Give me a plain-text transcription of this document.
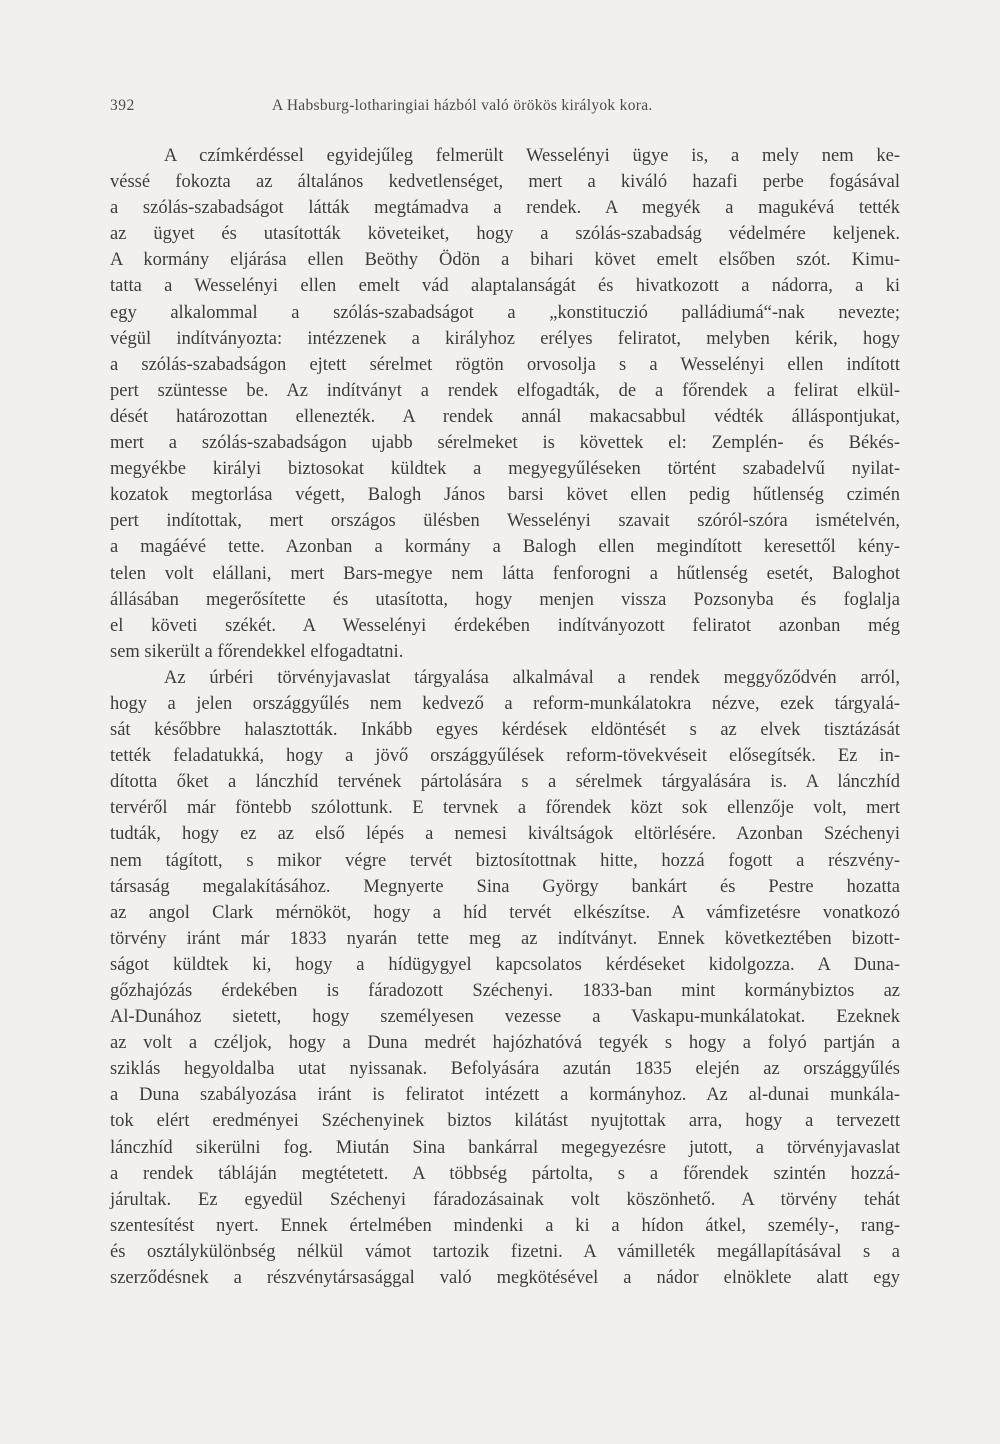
392	A Habsburg-lotharingiai házból való örökös királyok kora.
A czímkérdéssel egyidejűleg felmerült Wesselényi ügye is, a mely nem ke-
véssé fokozta az általános kedvetlenséget, mert a kiváló hazafi perbe fogásával
a szólás-szabadságot látták megtámadva a rendek. A megyék a magukévá tették
az ügyet és utasították követeiket, hogy a szólás-szabadság védelmére keljenek.
A kormány eljárása ellen Beöthy Ödön a bihari követ emelt elsőben szót. Kimu-
tatta a Wesselényi ellen emelt vád alaptalanságát és hivatkozott a nádorra, a ki
egy alkalommal a szólás-szabadságot a „konstituczió palládiumá“-nak nevezte;
végül indítványozta: intézzenek a királyhoz erélyes feliratot, melyben kérik, hogy
a szólás-szabadságon ejtett sérelmet rögtön orvosolja s a Wesselényi ellen indított
pert szüntesse be. Az indítványt a rendek elfogadták, de a főrendek a felirat elkül-
dését határozottan ellenezték. A rendek annál makacsabbul védték álláspontjukat,
mert a szólás-szabadságon ujabb sérelmeket is követtek el: Zemplén- és Békés-
megyékbe királyi biztosokat küldtek a megyegyűléseken történt szabadelvű nyilat-
kozatok megtorlása végett, Balogh János barsi követ ellen pedig hűtlenség czimén
pert indítottak, mert országos ülésben Wesselényi szavait szóról-szóra ismételvén,
a magáévé tette. Azonban a kormány a Balogh ellen megindított keresettől kény-
telen volt elállani, mert Bars-megye nem látta fenforogni a hűtlenség esetét, Baloghot
állásában megerősítette és utasította, hogy menjen vissza Pozsonyba és foglalja
el követi székét. A Wesselényi érdekében indítványozott feliratot azonban még
sem sikerült a főrendekkel elfogadtatni.
Az úrbéri törvényjavaslat tárgyalása alkalmával a rendek meggyőződvén arról,
hogy a jelen országgyűlés nem kedvező a reform-munkálatokra nézve, ezek tárgyalá-
sát későbbre halasztották. Inkább egyes kérdések eldöntését s az elvek tisztázását
tették feladatukká, hogy a jövő országgyűlések reform-tövekvéseit elősegítsék. Ez in-
dította őket a lánczhíd tervének pártolására s a sérelmek tárgyalására is. A lánczhíd
tervéről már föntebb szólottunk. E tervnek a főrendek közt sok ellenzője volt, mert
tudták, hogy ez az első lépés a nemesi kiváltságok eltörlésére. Azonban Széchenyi
nem tágított, s mikor végre tervét biztosítottnak hitte, hozzá fogott a részvény-
társaság megalakításához. Megnyerte Sina György bankárt és Pestre hozatta
az angol Clark mérnököt, hogy a híd tervét elkészítse. A vámfizetésre vonatkozó
törvény iránt már 1833 nyarán tette meg az indítványt. Ennek következtében bizott-
ságot küldtek ki, hogy a hídügygyel kapcsolatos kérdéseket kidolgozza. A Duna-
gőzhajózás érdekében is fáradozott Széchenyi. 1833-ban mint kormánybiztos az
Al-Dunához sietett, hogy személyesen vezesse a Vaskapu-munkálatokat. Ezeknek
az volt a czéljok, hogy a Duna medrét hajózhatóvá tegyék s hogy a folyó partján a
sziklás hegyoldalba utat nyissanak. Befolyására azután 1835 elején az országgyűlés
a Duna szabályozása iránt is feliratot intézett a kormányhoz. Az al-dunai munkála-
tok elért eredményei Széchenyinek biztos kilátást nyujtottak arra, hogy a tervezett
lánczhíd sikerülni fog. Miután Sina bankárral megegyezésre jutott, a törvényjavaslat
a rendek tábláján megtétetett. A többség pártolta, s a főrendek szintén hozzá-
járultak. Ez egyedül Széchenyi fáradozásainak volt köszönhető. A törvény tehát
szentesítést nyert. Ennek értelmében mindenki a ki a hídon átkel, személy-, rang-
és osztálykülönbség nélkül vámot tartozik fizetni. A vámilleték megállapításával s a
szerződésnek a részvénytársasággal való megkötésével a nádor elnöklete alatt egy
